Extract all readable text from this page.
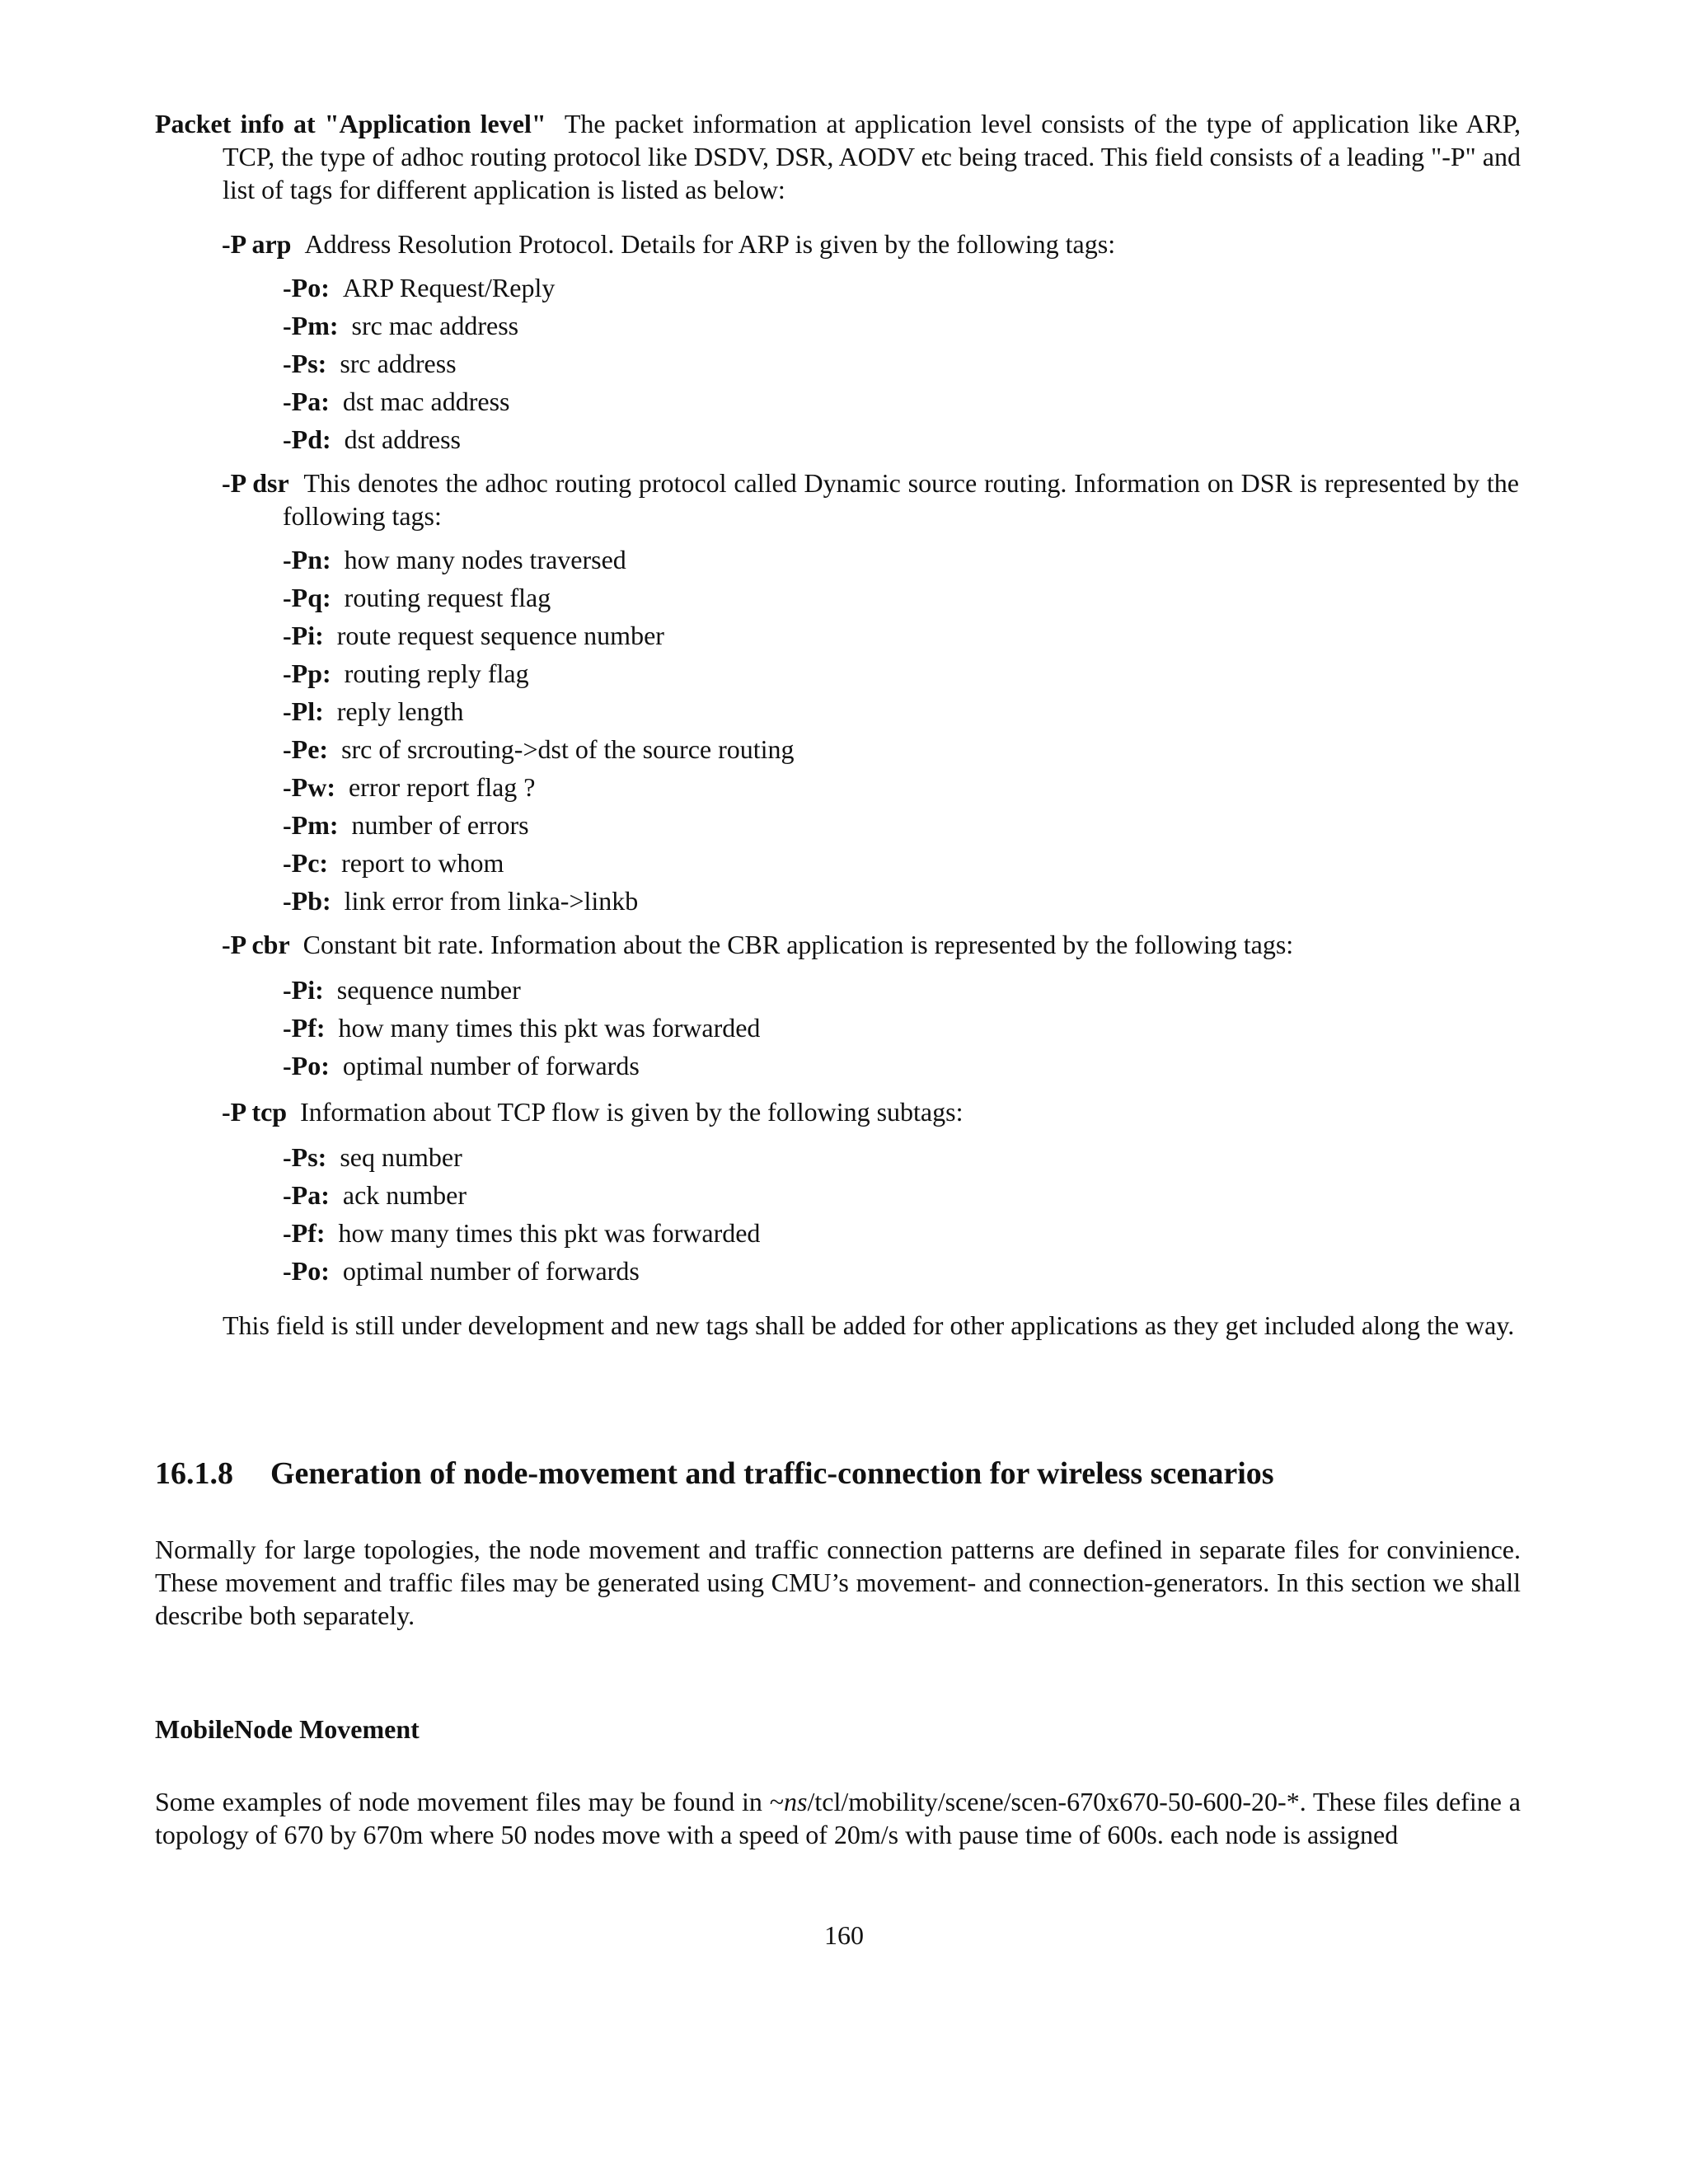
Packet info at "Application level" The packet information at application level consists of the type of application like ARP, TCP, the type of adhoc routing protocol like DSDV, DSR, AODV etc being traced. This field consists of a leading "-P" and list of tags for different application is listed as below:
-P arp Address Resolution Protocol. Details for ARP is given by the following tags:
-Po: ARP Request/Reply
-Pm: src mac address
-Ps: src address
-Pa: dst mac address
-Pd: dst address
-P dsr This denotes the adhoc routing protocol called Dynamic source routing. Information on DSR is represented by the following tags:
-Pn: how many nodes traversed
-Pq: routing request flag
-Pi: route request sequence number
-Pp: routing reply flag
-Pl: reply length
-Pe: src of srcrouting->dst of the source routing
-Pw: error report flag ?
-Pm: number of errors
-Pc: report to whom
-Pb: link error from linka->linkb
-P cbr Constant bit rate. Information about the CBR application is represented by the following tags:
-Pi: sequence number
-Pf: how many times this pkt was forwarded
-Po: optimal number of forwards
-P tcp Information about TCP flow is given by the following subtags:
-Ps: seq number
-Pa: ack number
-Pf: how many times this pkt was forwarded
-Po: optimal number of forwards
This field is still under development and new tags shall be added for other applications as they get included along the way.
16.1.8 Generation of node-movement and traffic-connection for wireless scenarios
Normally for large topologies, the node movement and traffic connection patterns are defined in separate files for convinience. These movement and traffic files may be generated using CMU’s movement- and connection-generators. In this section we shall describe both separately.
MobileNode Movement
Some examples of node movement files may be found in ~ns/tcl/mobility/scene/scen-670x670-50-600-20-*. These files define a topology of 670 by 670m where 50 nodes move with a speed of 20m/s with pause time of 600s. each node is assigned
160
